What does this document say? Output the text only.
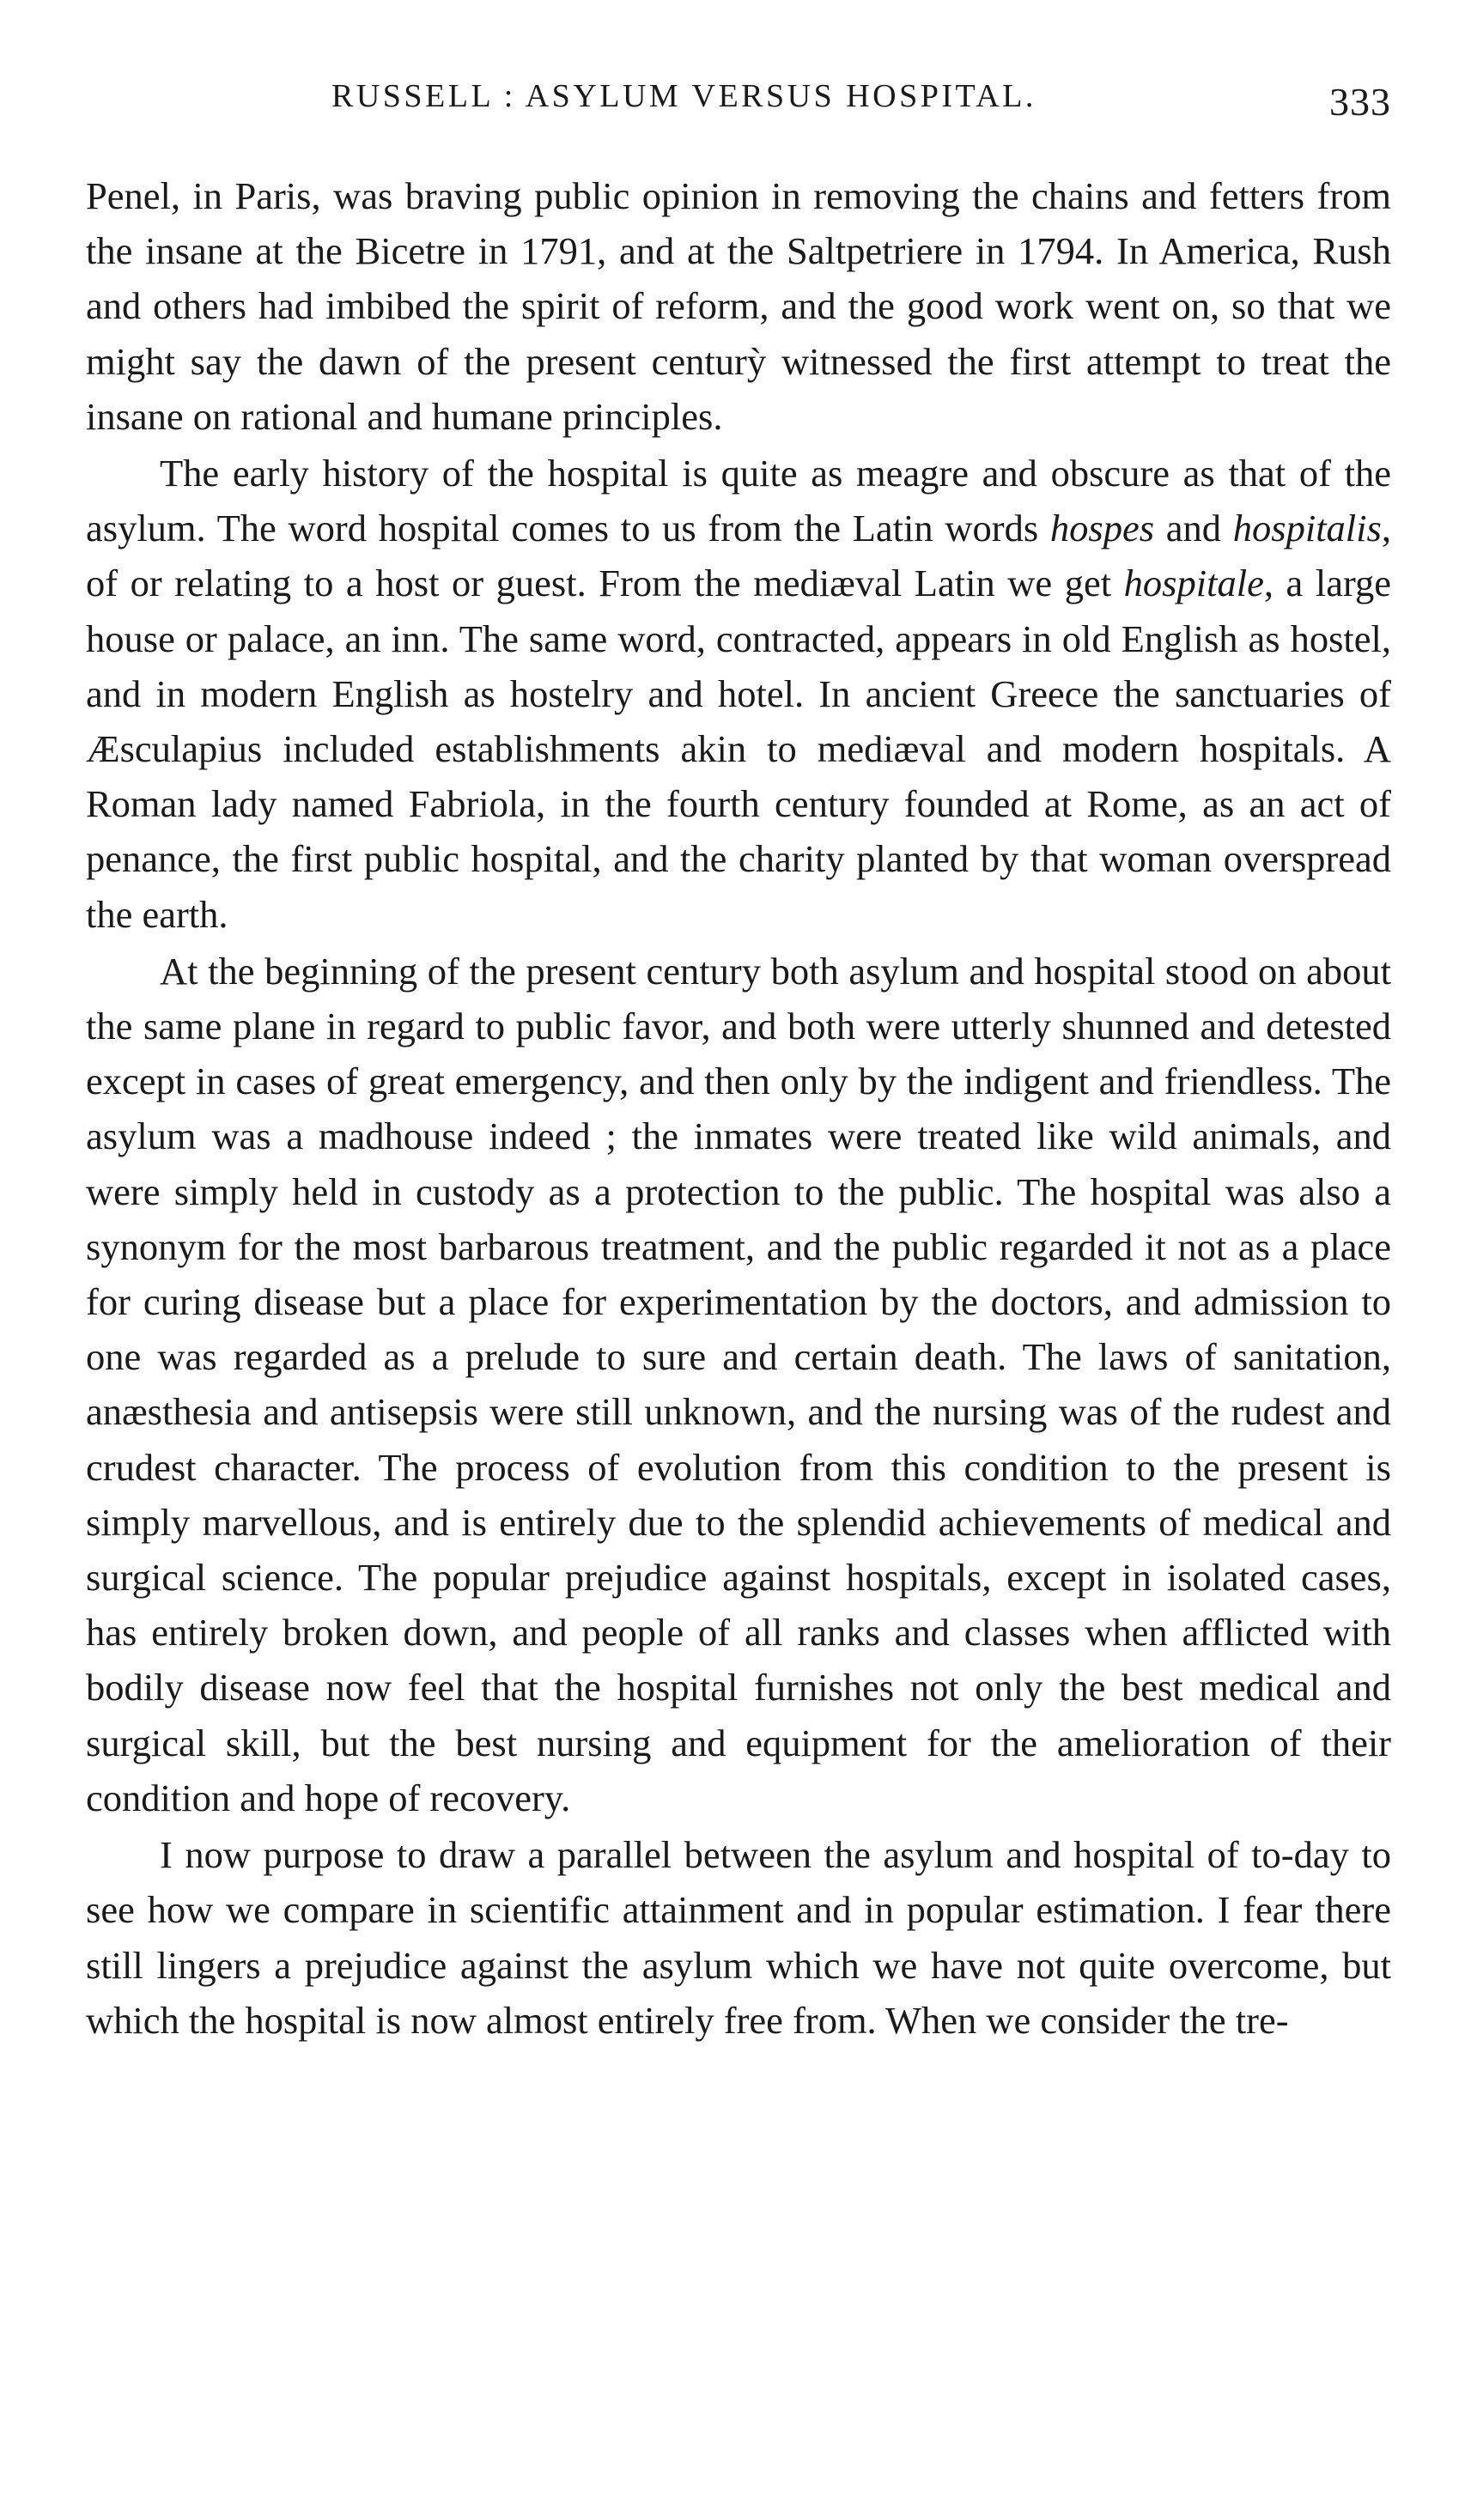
RUSSELL : ASYLUM VERSUS HOSPITAL.	333

Penel, in Paris, was braving public opinion in removing the chains and fetters from the insane at the Bicetre in 1791, and at the Saltpetriere in 1794. In America, Rush and others had imbibed the spirit of reform, and the good work went on, so that we might say the dawn of the present centurỳ witnessed the first attempt to treat the insane on rational and humane principles.

The early history of the hospital is quite as meagre and obscure as that of the asylum. The word hospital comes to us from the Latin words hospes and hospitalis, of or relating to a host or guest. From the mediæval Latin we get hospitale, a large house or palace, an inn. The same word, contracted, appears in old English as hostel, and in modern English as hostelry and hotel. In ancient Greece the sanctuaries of Æsculapius included establishments akin to mediæval and modern hospitals. A Roman lady named Fabriola, in the fourth century founded at Rome, as an act of penance, the first public hospital, and the charity planted by that woman overspread the earth.

At the beginning of the present century both asylum and hospital stood on about the same plane in regard to public favor, and both were utterly shunned and detested except in cases of great emergency, and then only by the indigent and friendless. The asylum was a madhouse indeed ; the inmates were treated like wild animals, and were simply held in custody as a protection to the public. The hospital was also a synonym for the most barbarous treatment, and the public regarded it not as a place for curing disease but a place for experimentation by the doctors, and admission to one was regarded as a prelude to sure and certain death. The laws of sanitation, anæsthesia and antisepsis were still unknown, and the nursing was of the rudest and crudest character. The process of evolution from this condition to the present is simply marvellous, and is entirely due to the splendid achievements of medical and surgical science. The popular prejudice against hospitals, except in isolated cases, has entirely broken down, and people of all ranks and classes when afflicted with bodily disease now feel that the hospital furnishes not only the best medical and surgical skill, but the best nursing and equipment for the amelioration of their condition and hope of recovery.

I now purpose to draw a parallel between the asylum and hospital of to-day to see how we compare in scientific attainment and in popular estimation. I fear there still lingers a prejudice against the asylum which we have not quite overcome, but which the hospital is now almost entirely free from. When we consider the tre-
